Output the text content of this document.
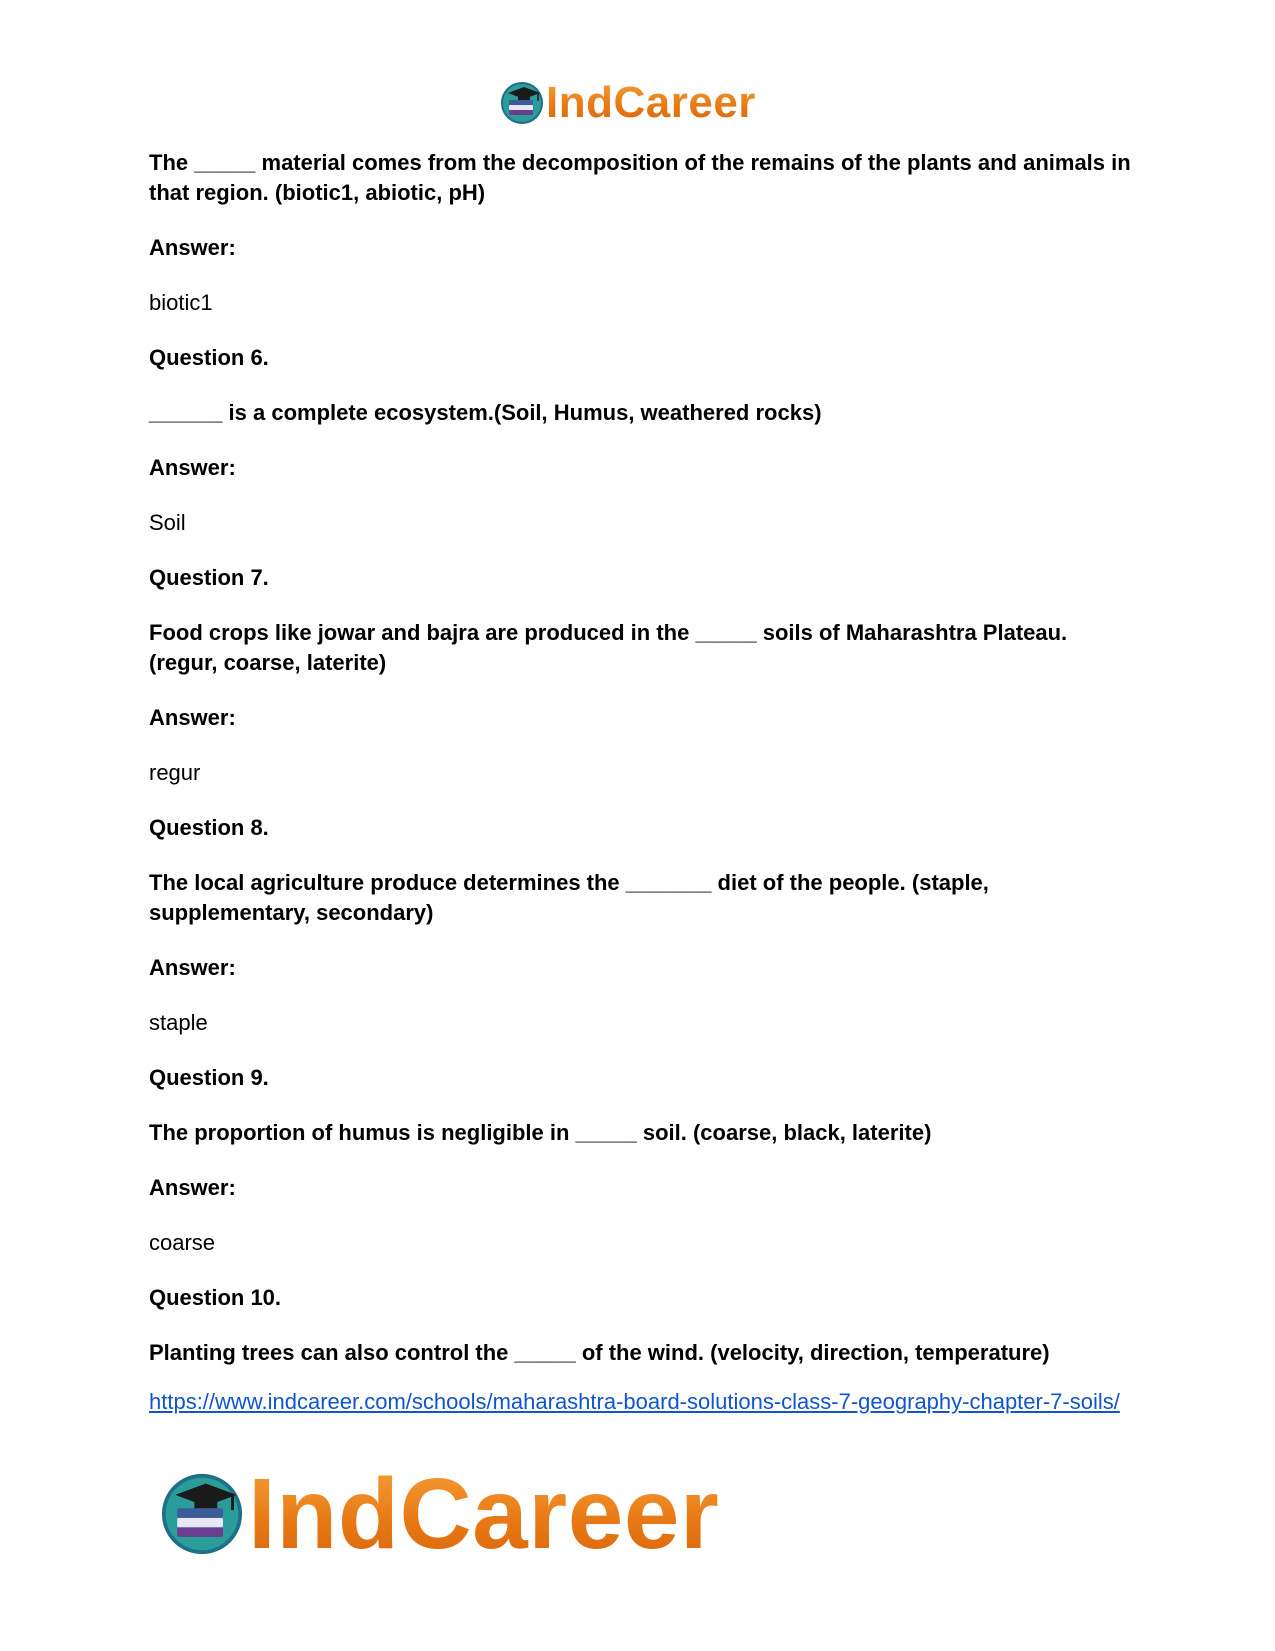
IndCareer

The _____ material comes from the decomposition of the remains of the plants and animals in that region. (biotic1, abiotic, pH)

Answer:

biotic1

Question 6.

______ is a complete ecosystem.(Soil, Humus, weathered rocks)

Answer:

Soil

Question 7.

Food crops like jowar and bajra are produced in the _____ soils of Maharashtra Plateau. (regur, coarse, laterite)

Answer:

regur

Question 8.

The local agriculture produce determines the _______ diet of the people. (staple, supplementary, secondary)

Answer:

staple

Question 9.

The proportion of humus is negligible in _____ soil. (coarse, black, laterite)

Answer:

coarse

Question 10.

Planting trees can also control the _____ of the wind. (velocity, direction, temperature)

https://www.indcareer.com/schools/maharashtra-board-solutions-class-7-geography-chapter-7-soils/
IndCareer
